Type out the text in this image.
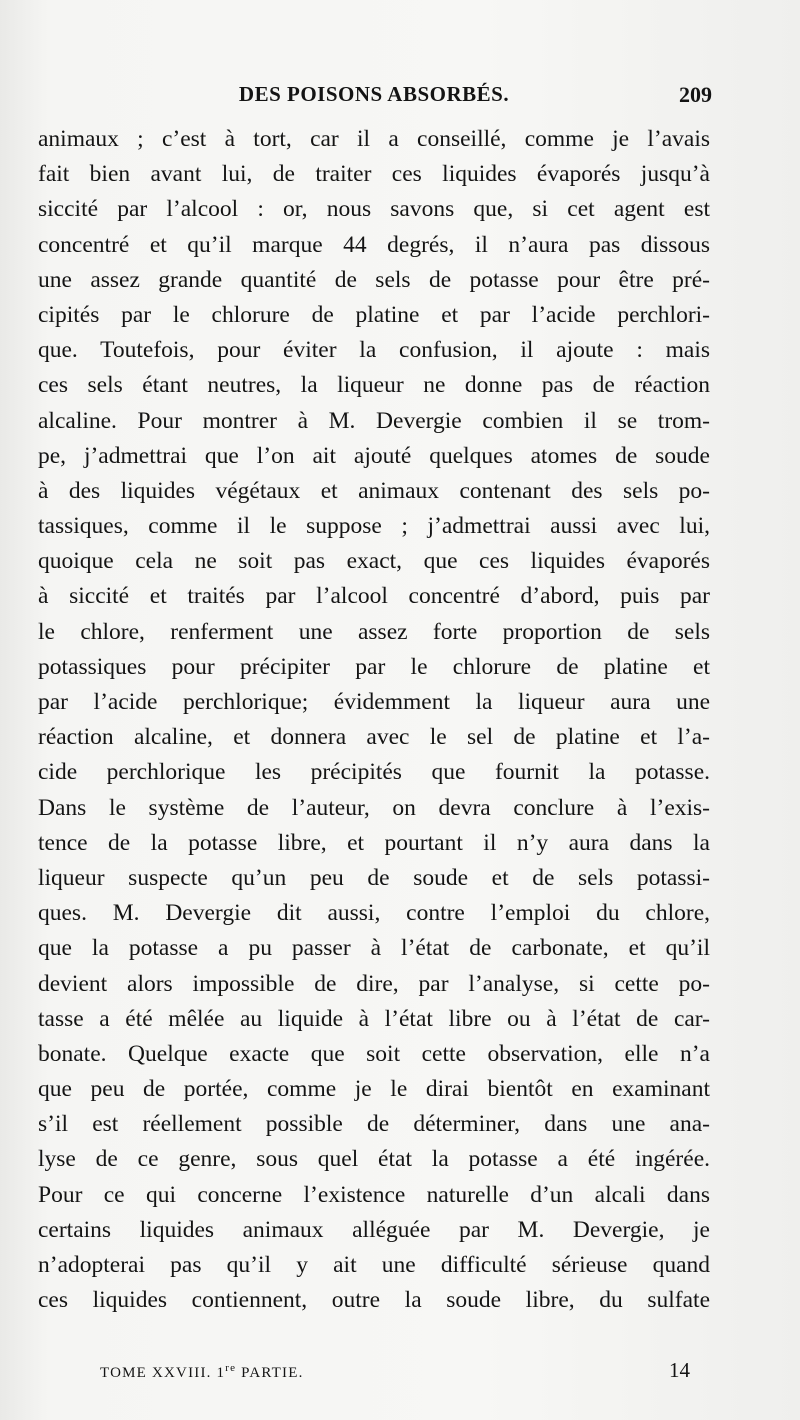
DES POISONS ABSORBÉS.	209
animaux ; c’est à tort, car il a conseillé, comme je l’avais
fait bien avant lui, de traiter ces liquides évaporés jusqu’à
siccité par l’alcool : or, nous savons que, si cet agent est
concentré et qu’il marque 44 degrés, il n’aura pas dissous
une assez grande quantité de sels de potasse pour être pré-
cipités par le chlorure de platine et par l’acide perchlori-
que. Toutefois, pour éviter la confusion, il ajoute : mais
ces sels étant neutres, la liqueur ne donne pas de réaction
alcaline. Pour montrer à M. Devergie combien il se trom-
pe, j’admettrai que l’on ait ajouté quelques atomes de soude
à des liquides végétaux et animaux contenant des sels po-
tassiques, comme il le suppose ; j’admettrai aussi avec lui,
quoique cela ne soit pas exact, que ces liquides évaporés
à siccité et traités par l’alcool concentré d’abord, puis par
le chlore, renferment une assez forte proportion de sels
potassiques pour précipiter par le chlorure de platine et
par l’acide perchlorique; évidemment la liqueur aura une
réaction alcaline, et donnera avec le sel de platine et l’a-
cide perchlorique les précipités que fournit la potasse.
Dans le système de l’auteur, on devra conclure à l’exis-
tence de la potasse libre, et pourtant il n’y aura dans la
liqueur suspecte qu’un peu de soude et de sels potassi-
ques. M. Devergie dit aussi, contre l’emploi du chlore,
que la potasse a pu passer à l’état de carbonate, et qu’il
devient alors impossible de dire, par l’analyse, si cette po-
tasse a été mêlée au liquide à l’état libre ou à l’état de car-
bonate. Quelque exacte que soit cette observation, elle n’a
que peu de portée, comme je le dirai bientôt en examinant
s’il est réellement possible de déterminer, dans une ana-
lyse de ce genre, sous quel état la potasse a été ingérée.
Pour ce qui concerne l’existence naturelle d’un alcali dans
certains liquides animaux alléguée par M. Devergie, je
n’adopterai pas qu’il y ait une difficulté sérieuse quand
ces liquides contiennent, outre la soude libre, du sulfate
TOME XXVIII. 1re PARTIE.	14
